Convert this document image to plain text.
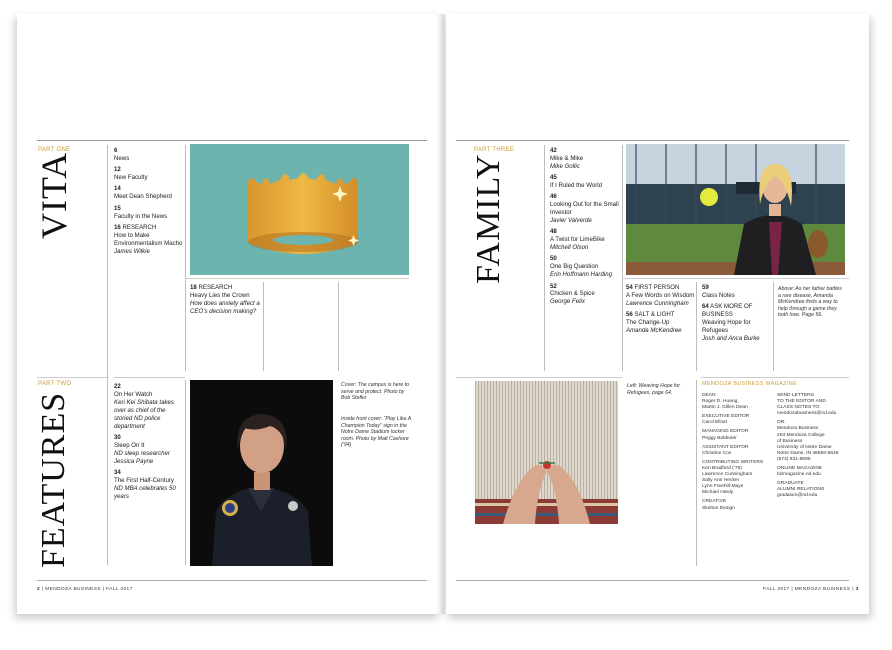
PART ONE
VITA
6
News
12
New Faculty
14
Meet Dean Shepherd
15
Faculty in the News
16 RESEARCH
How to Make Environmentalism Macho
James Wilkie
18 RESEARCH
Heavy Lies the Crown
How does anxiety affect a CEO’s decision making?
PART TWO
FEATURES
22
On Her Watch
Keri Kei Shibata takes over as chief of the storied ND police department
30
Sleep On It
ND sleep researcher Jessica Payne
34
The First Half-Century
ND MBA celebrates 50 years
Cover: The campus is here to serve and protect. Photo by Bob Stefko
Inside front cover: “Play Like A Champion Today” sign in the Notre Dame Stadium locker room. Photo by Matt Cashore (’94)
2 | MENDOZA BUSINESS | FALL 2017
PART THREE
FAMILY
42
Mike & Mike
Mike Gollic
45
If I Ruled the World
46
Looking Out for the Small Investor
Javier Valverde
48
A Twist for LimeBike
Mitchell Olson
50
One Big Question
Erin Hoffmann Harding
52
Chicken & Spice
George Felix
54 FIRST PERSON
A Few Words on Wisdom
Lawrence Cunningham
56 SALT & LIGHT
The Change-Up
Amanda McKendree
59
Class Notes
64 ASK MORE OF BUSINESS
Weaving Hope for Refugees
Josh and Anca Burke
Above: As her father battles a rare disease, Amanda McKendree finds a way to help through a game they both love. Page 56.
Left: Weaving Hope for Refugees, page 64.
MENDOZA BUSINESS MAGAZINE
DEAN
Roger D. Huang,
Martin J. Gillen Dean
EXECUTIVE EDITOR
Carol Elliott
MANAGING EDITOR
Peggy Bokbuter
ASSISTANT EDITOR
Christine Cox
CONTRIBUTING WRITERS
Ken Bradford (’78)
Lawrence Cunningham
Sally Ann Hecker
Lynn Freehill-Maye
Michael Hardy
CREATIVE
Skelton Design
SEND LETTERS
TO THE EDITOR AND
CLASS NOTES TO:
mendozabusiness@nd.edu
OR:
Mendoza Business
204 Mendoza College
of Business
University of Notre Dame
Notre Dame, IN 46556-5646
(574) 631-9590
ONLINE MAGAZINE
bizmagazine.nd.edu
GRADUATE
ALUMNI RELATIONS
gradalum@nd.edu
FALL 2017 | MENDOZA BUSINESS | 3
